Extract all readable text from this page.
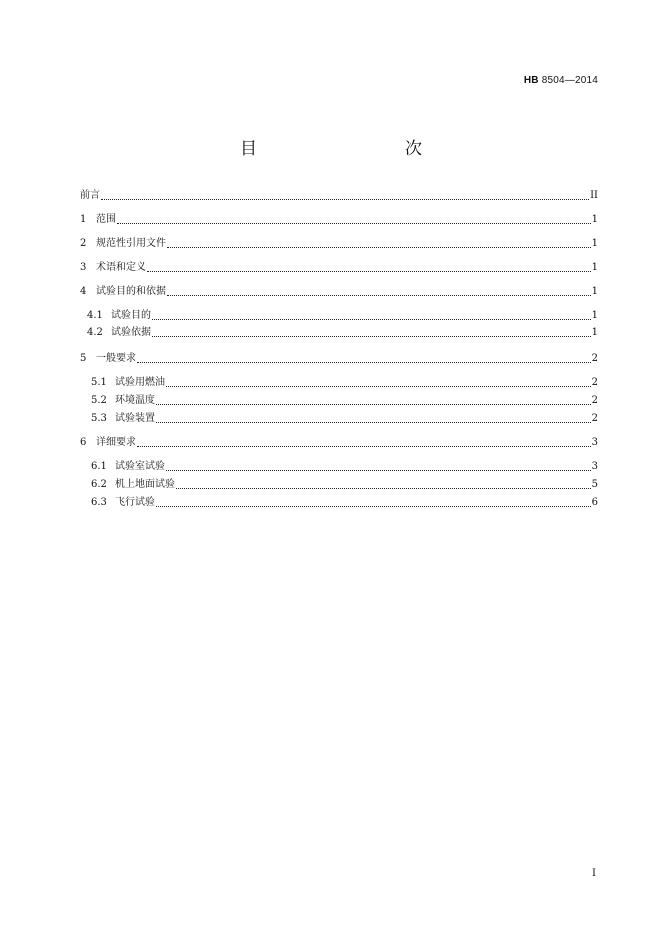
HB 8504—2014
目　　次
前言	II
1 范围	1
2 规范性引用文件	1
3 术语和定义	1
4 试验目的和依据	1
4.1 试验目的	1
4.2 试验依据	1
5 一般要求	2
5.1 试验用燃油	2
5.2 环境温度	2
5.3 试验装置	2
6 详细要求	3
6.1 试验室试验	3
6.2 机上地面试验	5
6.3 飞行试验	6
I
